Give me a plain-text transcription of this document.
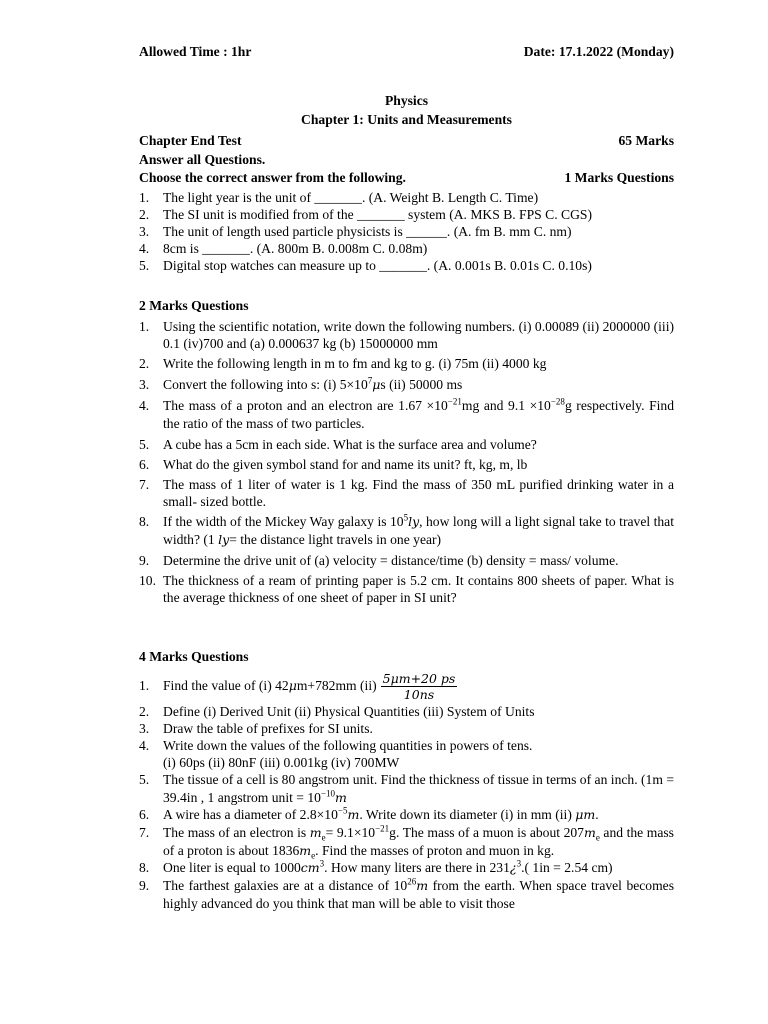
Allowed Time : 1hr	Date: 17.1.2022 (Monday)
Physics
Chapter 1: Units and Measurements
Chapter End Test	65 Marks
Answer all Questions.
Choose the correct answer from the following.	1 Marks Questions
1.	The light year is the unit of _______. (A. Weight B. Length C. Time)
2.	The SI unit is modified from of the _______ system (A. MKS B. FPS C. CGS)
3.	The unit of length used particle physicists is ______. (A. fm B. mm C. nm)
4.	8cm is _______. (A. 800m B. 0.008m C. 0.08m)
5.	Digital stop watches can measure up to _______. (A. 0.001s B. 0.01s C. 0.10s)
2 Marks Questions
1.	Using the scientific notation, write down the following numbers. (i) 0.00089 (ii) 2000000 (iii) 0.1 (iv)700 and (a) 0.000637 kg (b) 15000000 mm
2.	Write the following length in m to fm and kg to g. (i) 75m (ii) 4000 kg
3.	Convert the following into s: (i) $5\times 10^7\mu s$ (ii) 50000 ms
4.	The mass of a proton and an electron are $1.67 \times 10^{-21}mg$ and $9.1 \times 10^{-28}g$ respectively. Find the ratio of the mass of two particles.
5.	A cube has a 5cm in each side. What is the surface area and volume?
6.	What do the given symbol stand for and name its unit? ft, kg, m, lb
7.	The mass of 1 liter of water is 1 kg. Find the mass of 350 mL purified drinking water in a small- sized bottle.
8.	If the width of the Mickey Way galaxy is $10^5ly$, how long will a light signal take to travel that width? (1 ly= the distance light travels in one year)
9.	Determine the drive unit of (a) velocity = distance/time (b) density = mass/ volume.
10. The thickness of a ream of printing paper is 5.2 cm. It contains 800 sheets of paper. What is the average thickness of one sheet of paper in SI unit?
4 Marks Questions
1.	Find the value of (i) 42μm+782mm $(ii) \frac{5\mu m+20 ps}{10ns}$
2.	Define (i) Derived Unit (ii) Physical Quantities (iii) System of Units
3.	Draw the table of prefixes for SI units.
4.	Write down the values of the following quantities in powers of tens.
(i) 60ps (ii) 80nF (iii) 0.001kg (iv) 700MW
5.	The tissue of a cell is 80 angstrom unit. Find the thickness of tissue in terms of an inch. (1m = 39.4in , 1 angstrom unit = $10^{-10}m$
6.	A wire has a diameter of $2.8\times 10^{-5}m$. Write down its diameter (i) in mm (ii) μm.
7.	The mass of an electron is $m_e= 9.1\times 10^{-21}g$. The mass of a muon is about $207m_e$ and the mass of a proton is about $1836m_e$. Find the masses of proton and muon in kg.
8.	One liter is equal to $1000cm^3$. How many liters are there in 231¿$^3$.( 1in = 2.54 cm)
9.	The farthest galaxies are at a distance of $10^{26}m$ from the earth. When space travel becomes highly advanced do you think that man will be able to visit those
